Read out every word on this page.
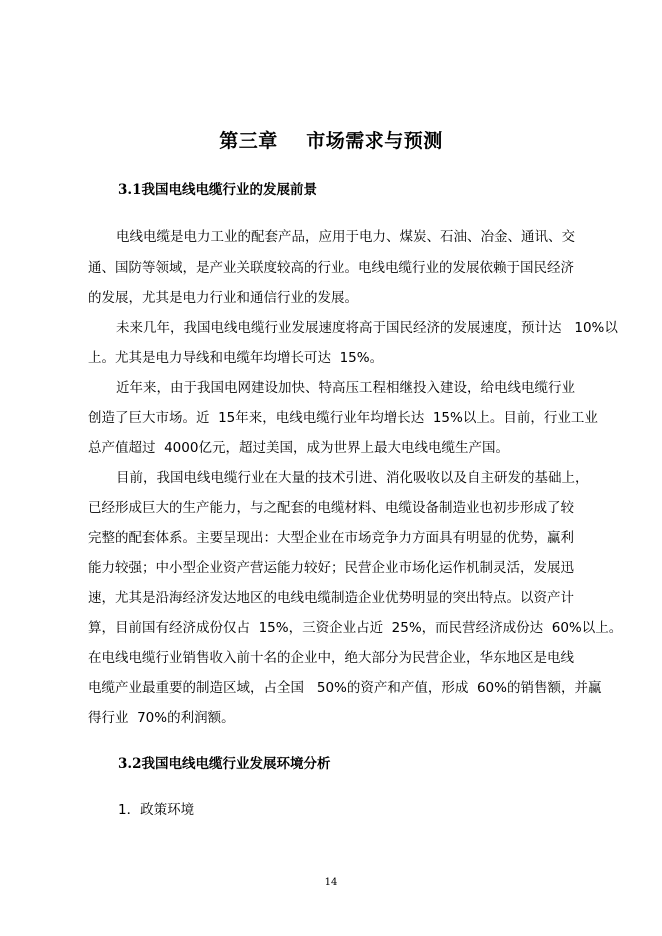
第三章    市场需求与预测
3.1我国电线电缆行业的发展前景
电线电缆是电力工业的配套产品，应用于电力、煤炭、石油、冶金、通讯、交
通、国防等领域，是产业关联度较高的行业。电线电缆行业的发展依赖于国民经济
的发展，尤其是电力行业和通信行业的发展。
未来几年，我国电线电缆行业发展速度将高于国民经济的发展速度，预计达   10%以
上。尤其是电力导线和电缆年均增长可达  15%。
近年来，由于我国电网建设加快、特高压工程相继投入建设，给电线电缆行业
创造了巨大市场。近  15年来，电线电缆行业年均增长达  15%以上。目前，行业工业
总产值超过  4000亿元，超过美国，成为世界上最大电线电缆生产国。
目前，我国电线电缆行业在大量的技术引进、消化吸收以及自主研发的基础上，
已经形成巨大的生产能力，与之配套的电缆材料、电缆设备制造业也初步形成了较
完整的配套体系。主要呈现出：大型企业在市场竞争力方面具有明显的优势，赢利
能力较强；中小型企业资产营运能力较好；民营企业市场化运作机制灵活，发展迅
速，尤其是沿海经济发达地区的电线电缆制造企业优势明显的突出特点。以资产计
算，目前国有经济成份仅占  15%，三资企业占近  25%，而民营经济成份达  60%以上。
在电线电缆行业销售收入前十名的企业中，绝大部分为民营企业，华东地区是电线
电缆产业最重要的制造区域，占全国   50%的资产和产值，形成  60%的销售额，并赢
得行业  70%的利润额。
3.2我国电线电缆行业发展环境分析
1．政策环境
14
